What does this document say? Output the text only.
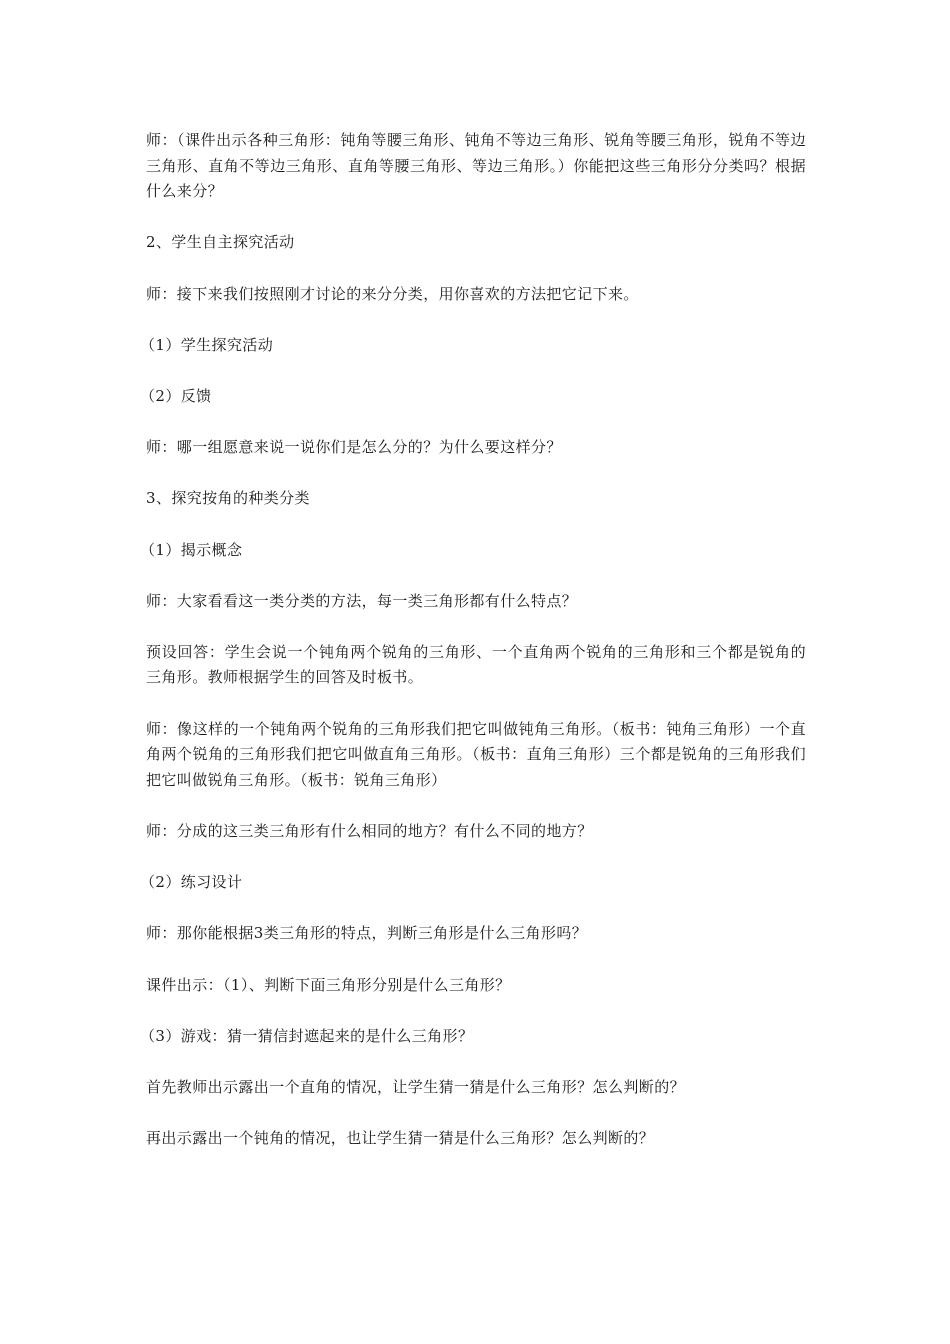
师：（课件出示各种三角形：钝角等腰三角形、钝角不等边三角形、锐角等腰三角形，锐角不等边三角形、直角不等边三角形、直角等腰三角形、等边三角形。）你能把这些三角形分分类吗？根据什么来分？

2、学生自主探究活动

师：接下来我们按照刚才讨论的来分分类，用你喜欢的方法把它记下来。

（1）学生探究活动

（2）反馈

师：哪一组愿意来说一说你们是怎么分的？为什么要这样分？

3、探究按角的种类分类

（1）揭示概念

师：大家看看这一类分类的方法，每一类三角形都有什么特点？

预设回答：学生会说一个钝角两个锐角的三角形、一个直角两个锐角的三角形和三个都是锐角的三角形。教师根据学生的回答及时板书。

师：像这样的一个钝角两个锐角的三角形我们把它叫做钝角三角形。（板书：钝角三角形）一个直角两个锐角的三角形我们把它叫做直角三角形。（板书：直角三角形）三个都是锐角的三角形我们把它叫做锐角三角形。（板书：锐角三角形）

师：分成的这三类三角形有什么相同的地方？有什么不同的地方？

（2）练习设计

师：那你能根据3类三角形的特点，判断三角形是什么三角形吗？

课件出示：（1）、判断下面三角形分别是什么三角形？

（3）游戏：猜一猜信封遮起来的是什么三角形？

首先教师出示露出一个直角的情况，让学生猜一猜是什么三角形？怎么判断的？

再出示露出一个钝角的情况，也让学生猜一猜是什么三角形？怎么判断的？
